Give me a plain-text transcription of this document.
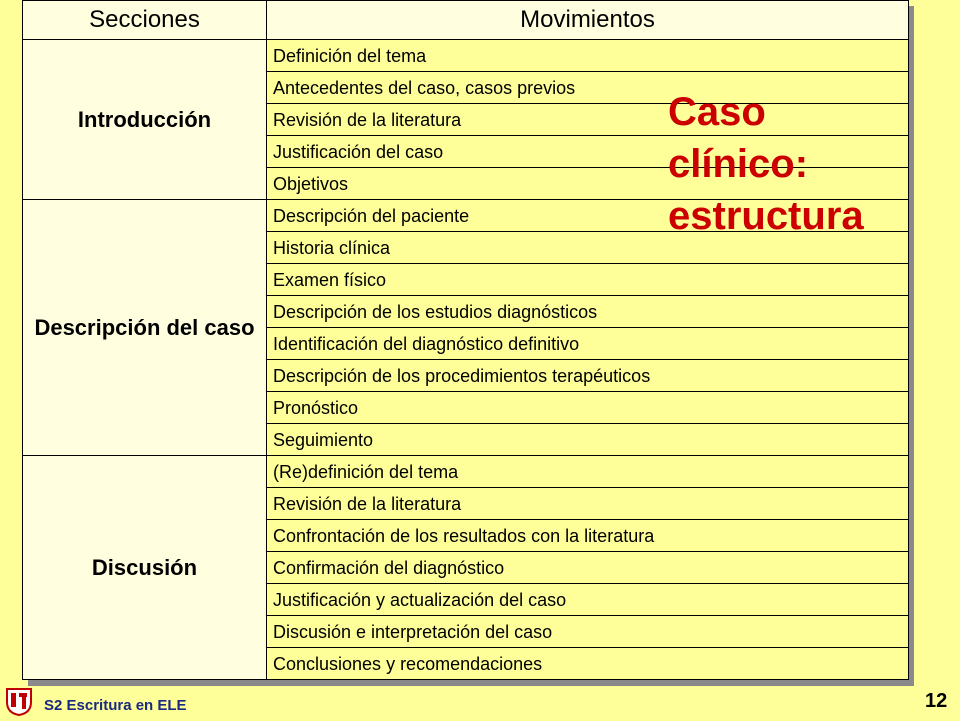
Secciones	Movimientos
Introducción	Definición del tema
	Antecedentes del caso, casos previos
	Revisión de la literatura
	Justificación del caso
	Objetivos
Descripción del caso	Descripción del paciente
	Historia clínica
	Examen físico
	Descripción de los estudios diagnósticos
	Identificación del diagnóstico definitivo
	Descripción de los procedimientos terapéuticos
	Pronóstico
	Seguimiento
Discusión	(Re)definición del tema
	Revisión de la literatura
	Confrontación de los resultados con la literatura
	Confirmación del diagnóstico
	Justificación y actualización del caso
	Discusión e interpretación del caso
	Conclusiones y recomendaciones
Caso
clínico:
estructura
S2 Escritura en ELE	12
